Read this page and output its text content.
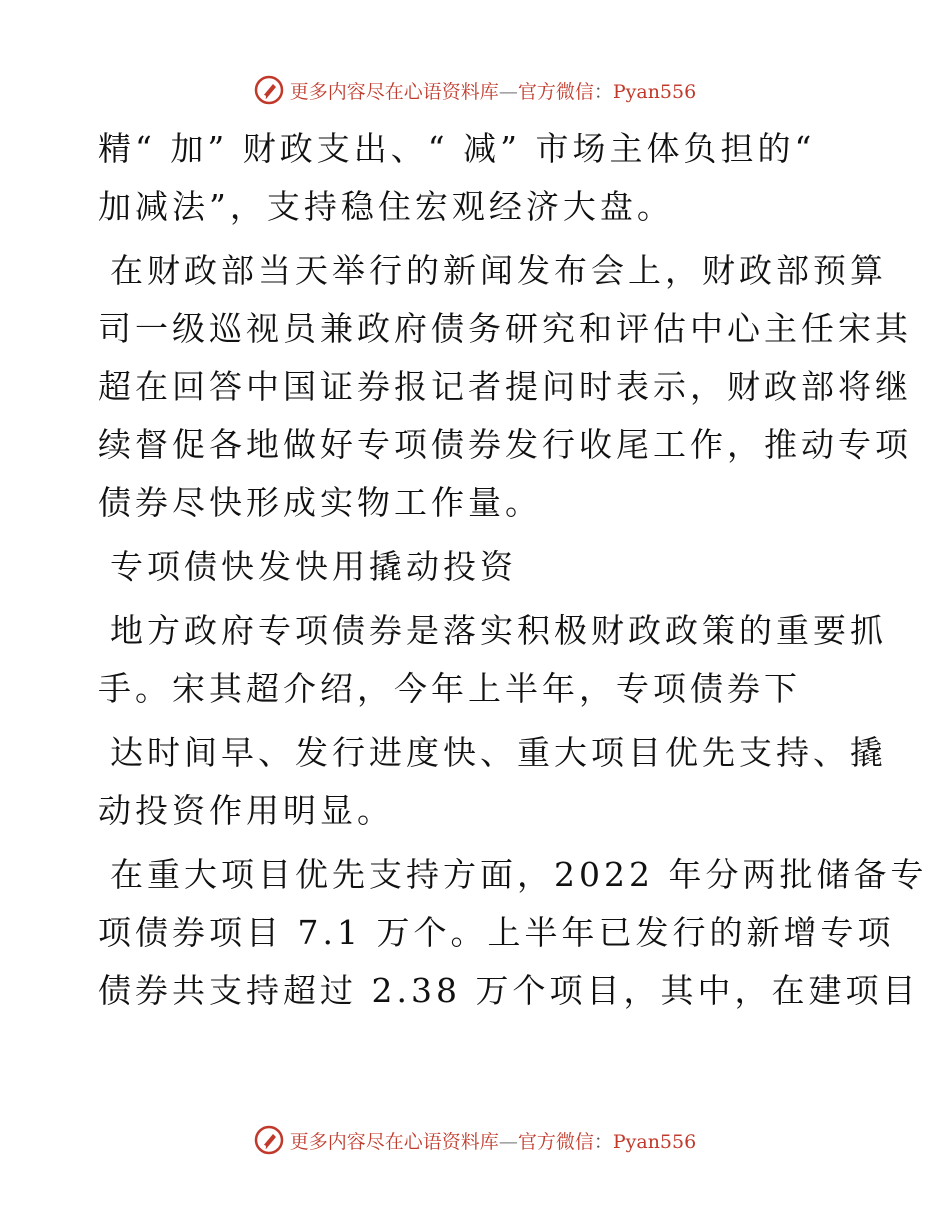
更多内容尽在心语资料库—官方微信：Pyan556

精“ 加” 财政支出、“ 减” 市场主体负担的“
加减法”，支持稳住宏观经济大盘。

在财政部当天举行的新闻发布会上，财政部预算
司一级巡视员兼政府债务研究和评估中心主任宋其
超在回答中国证券报记者提问时表示，财政部将继
续督促各地做好专项债券发行收尾工作，推动专项
债券尽快形成实物工作量。

专项债快发快用撬动投资

地方政府专项债券是落实积极财政政策的重要抓
手。宋其超介绍，今年上半年，专项债券下

达时间早、发行进度快、重大项目优先支持、撬
动投资作用明显。

在重大项目优先支持方面，2022 年分两批储备专
项债券项目 7.1 万个。上半年已发行的新增专项
债券共支持超过 2.38 万个项目，其中，在建项目

更多内容尽在心语资料库—官方微信：Pyan556
